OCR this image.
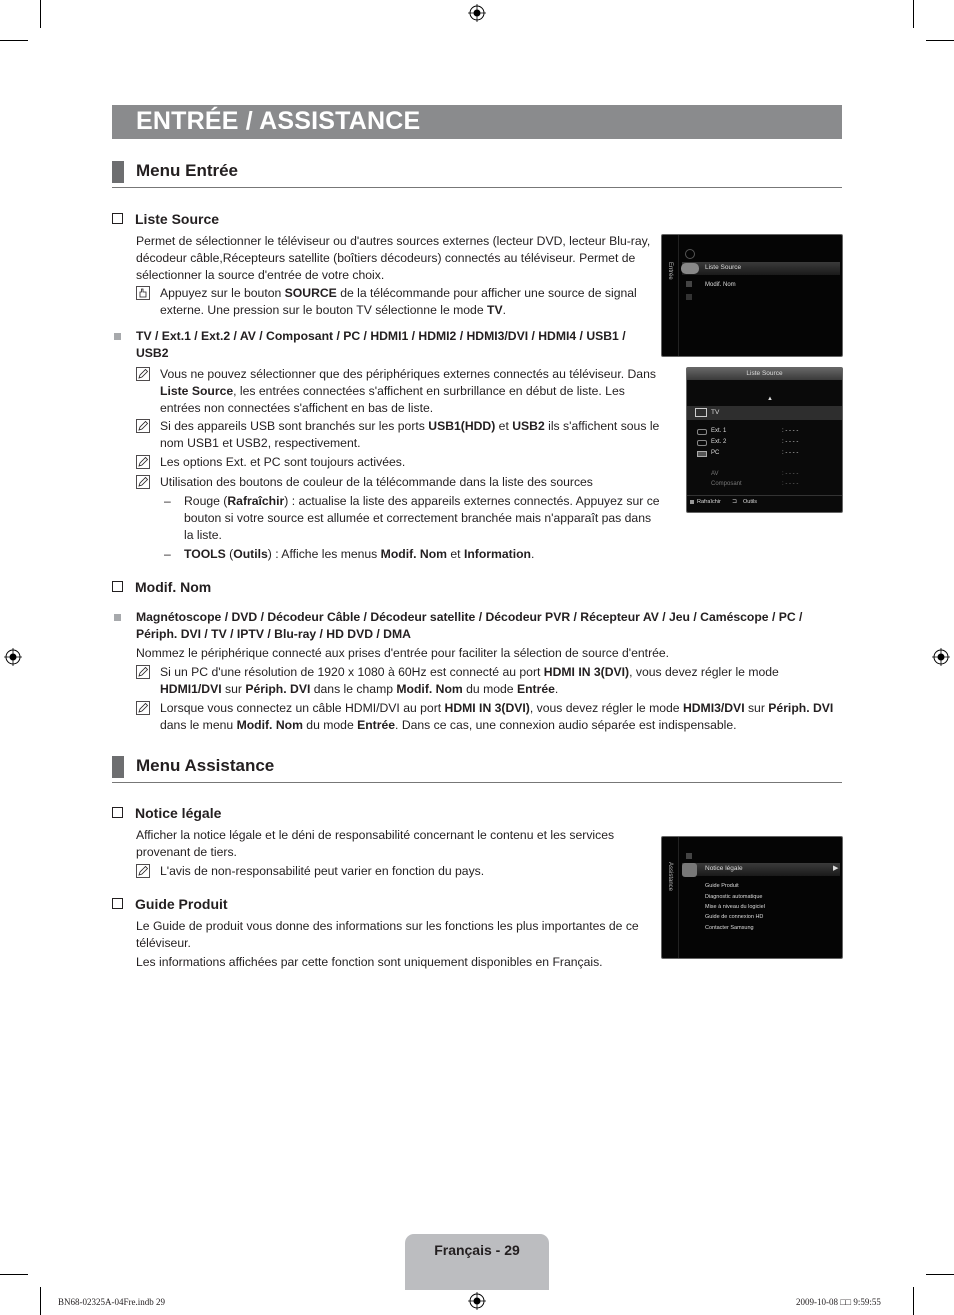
ENTRÉE / ASSISTANCE
Menu Entrée
Liste Source
Permet de sélectionner le téléviseur ou d'autres sources externes (lecteur DVD, lecteur Blu-ray,
décodeur câble,Récepteurs satellite (boîtiers décodeurs) connectés au téléviseur. Permet de
sélectionner la source d'entrée de votre choix.
Appuyez sur le bouton SOURCE de la télécommande pour afficher une source de signal
externe. Une pression sur le bouton TV sélectionne le mode TV.
TV / Ext.1 / Ext.2 / AV / Composant / PC / HDMI1 / HDMI2 / HDMI3/DVI / HDMI4 / USB1 /
USB2
Vous ne pouvez sélectionner que des périphériques externes connectés au téléviseur. Dans
Liste Source, les entrées connectées s'affichent en surbrillance en début de liste. Les
entrées non connectées s'affichent en bas de liste.
Si des appareils USB sont branchés sur les ports USB1(HDD) et USB2 ils s'affichent sous le
nom USB1 et USB2, respectivement.
Les options Ext. et PC sont toujours activées.
Utilisation des boutons de couleur de la télécommande dans la liste des sources
– Rouge (Rafraîchir) : actualise la liste des appareils externes connectés. Appuyez sur ce
bouton si votre source est allumée et correctement branchée mais n'apparaît pas dans
la liste.
– TOOLS (Outils) : Affiche les menus Modif. Nom et Information.
Modif. Nom
Magnétoscope / DVD / Décodeur Câble / Décodeur satellite / Décodeur PVR / Récepteur AV / Jeu / Caméscope / PC /
Périph. DVI / TV / IPTV / Blu-ray / HD DVD / DMA
Nommez le périphérique connecté aux prises d'entrée pour faciliter la sélection de source d'entrée.
Si un PC d'une résolution de 1920 x 1080 à 60Hz est connecté au port HDMI IN 3(DVI), vous devez régler le mode
HDMI1/DVI sur Périph. DVI dans le champ Modif. Nom du mode Entrée.
Lorsque vous connectez un câble HDMI/DVI au port HDMI IN 3(DVI), vous devez régler le mode HDMI3/DVI sur Périph. DVI
dans le menu Modif. Nom du mode Entrée. Dans ce cas, une connexion audio séparée est indispensable.
Menu Assistance
Notice légale
Afficher la notice légale et le déni de responsabilité concernant le contenu et les services
provenant de tiers.
L'avis de non-responsabilité peut varier en fonction du pays.
Guide Produit
Le Guide de produit vous donne des informations sur les fonctions les plus importantes de ce
téléviseur.
Les informations affichées par cette fonction sont uniquement disponibles en Français.
Entrée	Liste Source
Modif. Nom
Liste Source
▲
TV
Ext. 1	: - - - -
Ext. 2	: - - - -
PC	: - - - -
AV	: - - - -
Composant	: - - - -
Rafraîchir ⊐ Outils
Assistance	Notice légale	▶
Guide Produit
Diagnostic automatique
Mise à niveau du logiciel
Guide de connexion HD
Contacter Samsung
Français - 29
BN68-02325A-04Fre.indb 29	2009-10-08 □□ 9:59:55
